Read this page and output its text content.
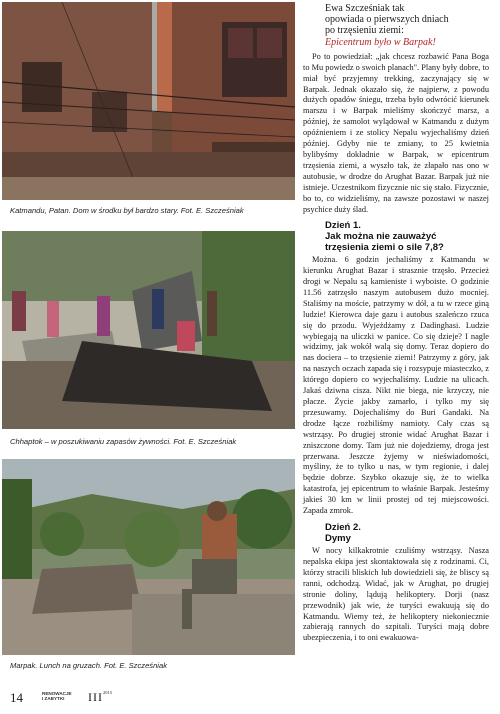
Katmandu, Patan. Dom w środku był bardzo stary. Fot. E. Szcześniak
Chhaptok – w poszukiwaniu zapasów żywności. Fot. E. Szcześniak
Marpak. Lunch na gruzach. Fot. E. Szcześniak
Ewa Szcześniak tak
opowiada o pierwszych dniach
po trzęsieniu ziemi:
Epicentrum było w Barpak!

Po to powiedział: „jak chcesz rozbawić Pana Boga to Mu powiedz o swoich planach". Plany były dobre, to miał być przyjemny trekking, zaczynający się w Barpak. Jednak okazało się, że najpierw, z powodu dużych opadów śniegu, trzeba było odwrócić kierunek marszu i w Barpak mieliśmy skończyć marsz, a później, że samolot wylądował w Katmandu z dużym opóźnieniem i ze stolicy Nepalu wyjechaliśmy dzień później. Gdyby nie te zmiany, to 25 kwietnia bylibyśmy dokładnie w Barpak, w epicentrum trzęsienia ziemi, a wyszło tak, że złapało nas ono w autobusie, w drodze do Arughat Bazar. Barpak już nie istnieje. Uczestnikom fizycznie nic się stało. Fizycznie, bo to, co widzieliśmy, na zawsze pozostawi w naszej psychice duży ślad.

Dzień 1.
Jak można nie zauważyć
trzęsienia ziemi o sile 7,8?

Można. 6 godzin jechaliśmy z Katmandu w kierunku Arughat Bazar i strasznie trzęsło. Przecież drogi w Nepalu są kamieniste i wyboiste. O godzinie 11.56 zatrzęsło naszym autobusem dużo mocniej. Staliśmy na moście, patrzymy w dół, a tu w rzece giną ludzie! Kierowca daje gazu i autobus szaleńczo rzuca się do przodu. Wyjeżdżamy z Dadinghasi. Ludzie wybiegają na uliczki w panice. Co się dzieje? I nagle widzimy, jak wokół walą się domy. Teraz dopiero do nas dociera – to trzęsienie ziemi! Patrzymy z góry, jak na naszych oczach zapada się i rozsypuje miasteczko, z którego dopiero co wyjechaliśmy. Ludzie na ulicach. Jakaś dziwna cisza. Nikt nie biega, nie krzyczy, nie płacze. Życie jakby zamarło, i tylko my się przesuwamy. Dojechaliśmy do Buri Gandaki. Na drodze łącze rozbiliśmy namioty. Cały czas są wstrząsy. Po drugiej stronie widać Arughat Bazar i zniszczone domy. Tam już nie dojedziemy, droga jest przerwana. Jeszcze żyjemy w nieświadomości, myśliny, że to tylko u nas, w tym regionie, i dalej będzie dobrze. Szybko okazuje się, że to wielka katastrofa, jej epicentrum to właśnie Barpak. Jesteśmy jakieś 30 km w linii prostej od tej miejscowości. Zapada zmrok.

Dzień 2.
Dymy

W nocy kilkakrotnie czuliśmy wstrząsy. Nasza nepalska ekipa jest skontaktowała się z rodzinami. Ci, którzy stracili bliskich lub dowiedzieli się, że bliscy są ranni, odchodzą. Widać, jak w Arughat, po drugiej stronie doliny, lądują helikoptery. Dorji (nasz przewodnik) jak wie, że turyści ewakuują się do Katmandu. Wiemy też, że helikoptery niekoniecznie zabierają rannych do szpitali. Turyści mają dobre ubezpieczenia, i to oni ewakuowa-

14	RENOWACJE
I ZABYTKI	$III^{2015}$
